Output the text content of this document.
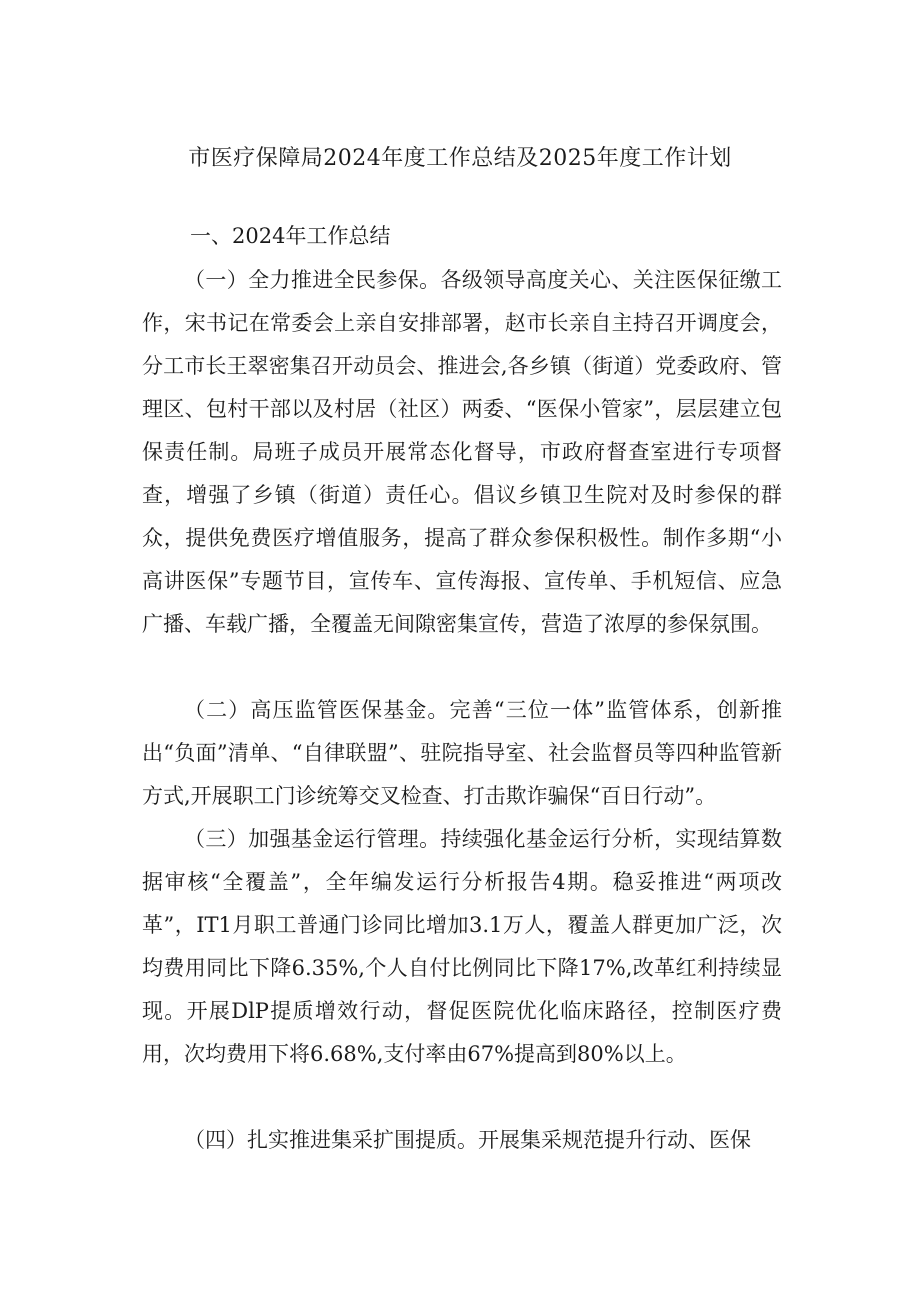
市医疗保障局2024年度工作总结及2025年度工作计划
一、2024年工作总结

（一）全力推进全民参保。各级领导高度关心、关注医保征缴工作，宋书记在常委会上亲自安排部署，赵市长亲自主持召开调度会，分工市长王翠密集召开动员会、推进会,各乡镇（街道）党委政府、管理区、包村干部以及村居（社区）两委、“医保小管家”，层层建立包保责任制。局班子成员开展常态化督导，市政府督查室进行专项督查，增强了乡镇（街道）责任心。倡议乡镇卫生院对及时参保的群众，提供免费医疗增值服务，提高了群众参保积极性。制作多期“小高讲医保”专题节目，宣传车、宣传海报、宣传单、手机短信、应急广播、车载广播，全覆盖无间隙密集宣传，营造了浓厚的参保氛围。

（二）高压监管医保基金。完善“三位一体”监管体系，创新推出“负面”清单、“自律联盟”、驻院指导室、社会监督员等四种监管新方式,开展职工门诊统筹交叉检查、打击欺诈骗保“百日行动”。

（三）加强基金运行管理。持续强化基金运行分析，实现结算数据审核“全覆盖”，全年编发运行分析报告4期。稳妥推进“两项改革”，IT1月职工普通门诊同比增加3.1万人，覆盖人群更加广泛，次均费用同比下降6.35%,个人自付比例同比下降17%,改革红利持续显现。开展DlP提质增效行动，督促医院优化临床路径，控制医疗费用，次均费用下将6.68%,支付率由67%提高到80%以上。

（四）扎实推进集采扩围提质。开展集采规范提升行动、医保
